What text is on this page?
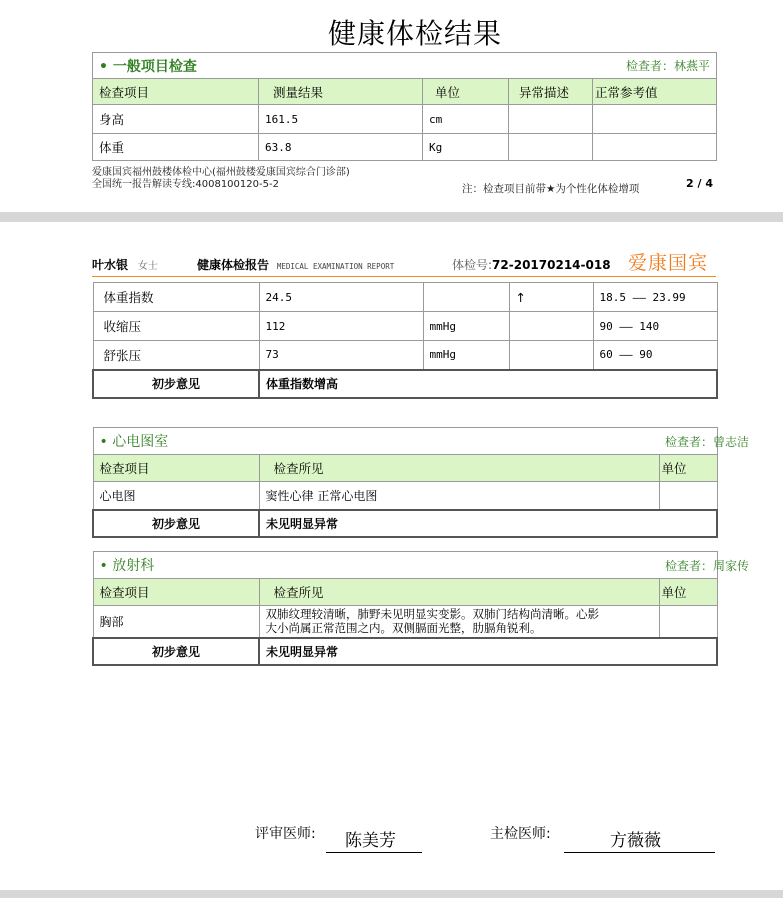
健康体检结果
• 一般项目检查			检查者：林燕平	
检查项目	测量结果	单位	异常描述	正常参考值
身高	161.5	cm		
体重	63.8	Kg		
爱康国宾福州鼓楼体检中心(福州鼓楼爱康国宾综合门诊部)
全国统一报告解读专线:4008100120-5-2	注：检查项目前带★为个性化体检增项	2 / 4
叶水银 女士	健康体检报告 MEDICAL EXAMINATION REPORT	体检号:72-20170214-018 爱康国宾
体重指数	24.5		↑	18.5 —— 23.99
收缩压	112	mmHg		90 —— 140
舒张压	73	mmHg		60 —— 90
初步意见	体重指数增高			
• 心电图室		检查者：曾志洁
检查项目	检查所见	单位
心电图	窦性心律 正常心电图	
初步意见	未见明显异常	
• 放射科		检查者：周家传
检查项目	检查所见	单位
胸部	双肺纹理较清晰，肺野未见明显实变影。双肺门结构尚清晰。心影
大小尚属正常范围之内。双侧膈面光整，肋膈角锐利。	

初步意见	未见明显异常	
评审医师: 陈美芳	主检医师:	方薇薇
